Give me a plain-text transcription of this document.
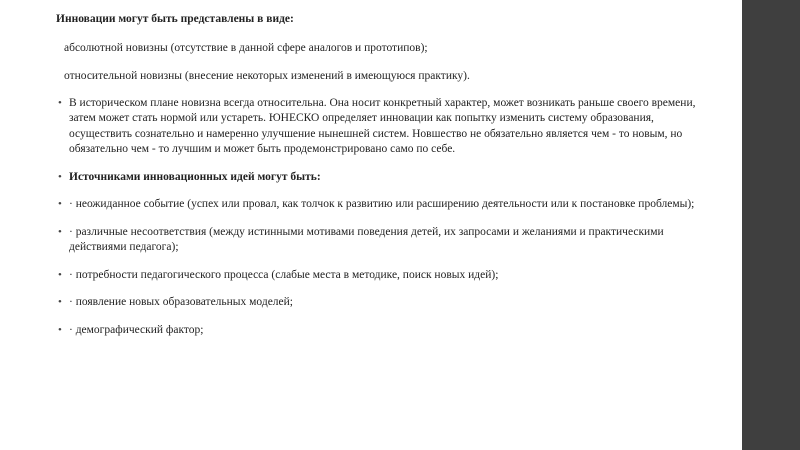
Инновации могут быть представлены в виде:

абсолютной новизны (отсутствие в данной сфере аналогов и прототипов);

относительной новизны (внесение некоторых изменений в имеющуюся практику).

• В историческом плане новизна всегда относительна. Она носит конкретный характер, может возникать раньше своего времени, затем может стать нормой или устареть. ЮНЕСКО определяет инновации как попытку изменить систему образования, осуществить сознательно и намеренно улучшение нынешней систем. Новшество не обязательно является чем - то новым, но обязательно чем - то лучшим и может быть продемонстрировано само по себе.
• Источниками инновационных идей могут быть:
• · неожиданное событие (успех или провал, как толчок к развитию или расширению деятельности или к постановке проблемы);
• · различные несоответствия (между истинными мотивами поведения детей, их запросами и желаниями и практическими действиями педагога);
• · потребности педагогического процесса (слабые места в методике, поиск новых идей);
• · появление новых образовательных моделей;
• · демографический фактор;
